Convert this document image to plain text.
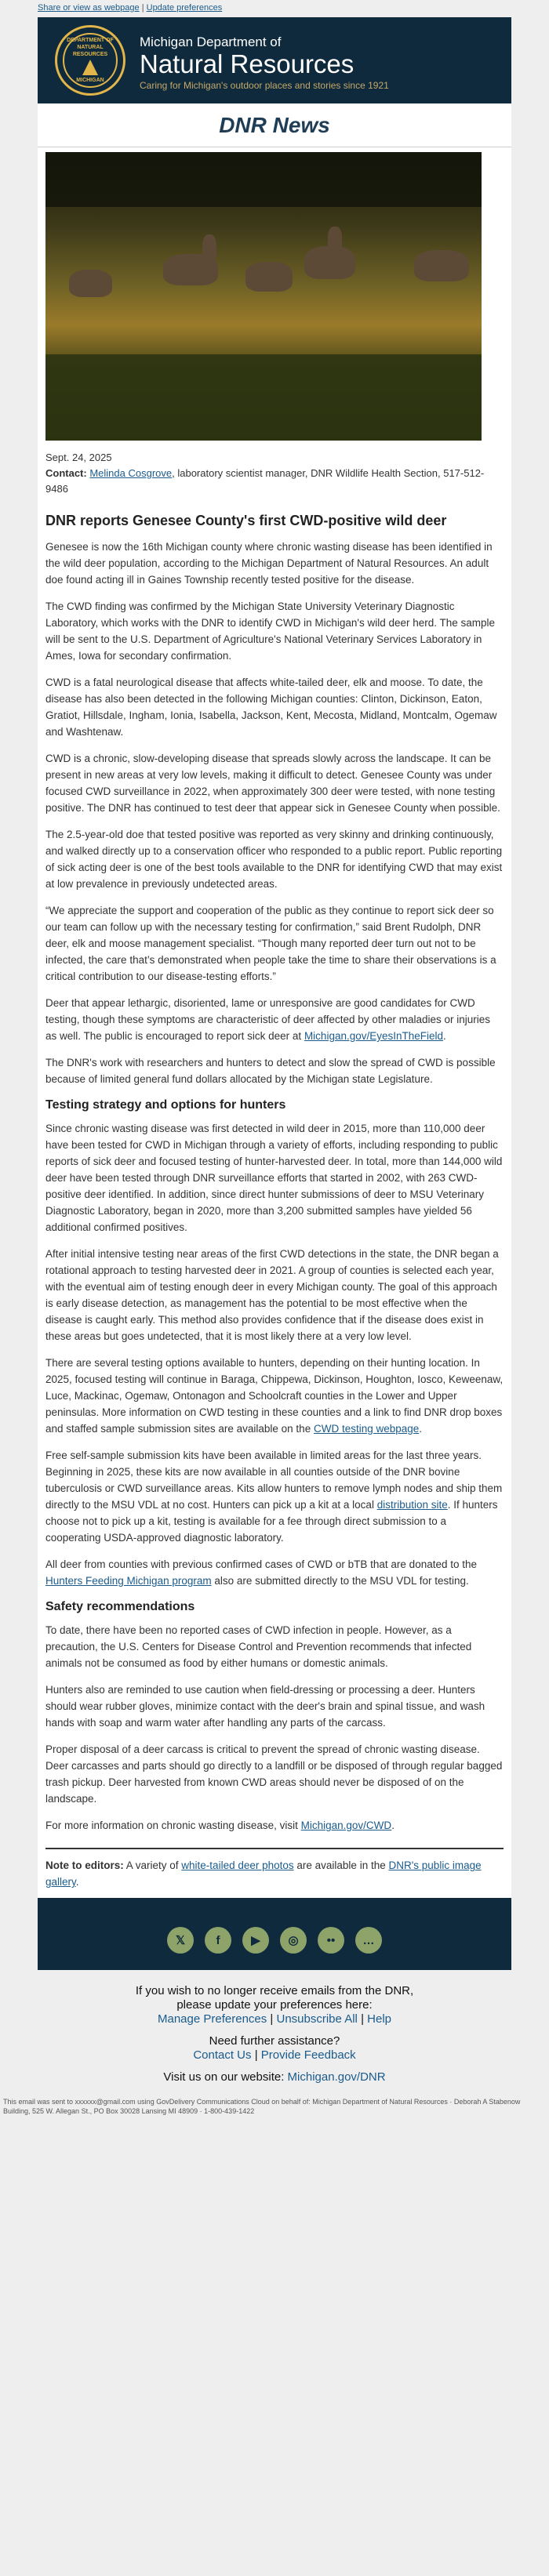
Share or view as webpage | Update preferences
DEPARTMENT OF NATURAL RESOURCES
MICHIGAN
Michigan Department of
Natural Resources
Caring for Michigan's outdoor places and stories since 1921
DNR News
Sept. 24, 2025
Contact: Melinda Cosgrove, laboratory scientist manager, DNR Wildlife Health Section, 517-512-9486
DNR reports Genesee County's first CWD-positive wild deer

Genesee is now the 16th Michigan county where chronic wasting disease has been identified in the wild deer population, according to the Michigan Department of Natural Resources. An adult doe found acting ill in Gaines Township recently tested positive for the disease.

The CWD finding was confirmed by the Michigan State University Veterinary Diagnostic Laboratory, which works with the DNR to identify CWD in Michigan's wild deer herd. The sample will be sent to the U.S. Department of Agriculture's National Veterinary Services Laboratory in Ames, Iowa for secondary confirmation.

CWD is a fatal neurological disease that affects white-tailed deer, elk and moose. To date, the disease has also been detected in the following Michigan counties: Clinton, Dickinson, Eaton, Gratiot, Hillsdale, Ingham, Ionia, Isabella, Jackson, Kent, Mecosta, Midland, Montcalm, Ogemaw and Washtenaw.

CWD is a chronic, slow-developing disease that spreads slowly across the landscape. It can be present in new areas at very low levels, making it difficult to detect. Genesee County was under focused CWD surveillance in 2022, when approximately 300 deer were tested, with none testing positive. The DNR has continued to test deer that appear sick in Genesee County when possible.

The 2.5-year-old doe that tested positive was reported as very skinny and drinking continuously, and walked directly up to a conservation officer who responded to a public report. Public reporting of sick acting deer is one of the best tools available to the DNR for identifying CWD that may exist at low prevalence in previously undetected areas.

“We appreciate the support and cooperation of the public as they continue to report sick deer so our team can follow up with the necessary testing for confirmation,” said Brent Rudolph, DNR deer, elk and moose management specialist. “Though many reported deer turn out not to be infected, the care that’s demonstrated when people take the time to share their observations is a critical contribution to our disease-testing efforts.”

Deer that appear lethargic, disoriented, lame or unresponsive are good candidates for CWD testing, though these symptoms are characteristic of deer affected by other maladies or injuries as well. The public is encouraged to report sick deer at Michigan.gov/EyesInTheField.

The DNR's work with researchers and hunters to detect and slow the spread of CWD is possible because of limited general fund dollars allocated by the Michigan state Legislature.

Testing strategy and options for hunters

Since chronic wasting disease was first detected in wild deer in 2015, more than 110,000 deer have been tested for CWD in Michigan through a variety of efforts, including responding to public reports of sick deer and focused testing of hunter-harvested deer. In total, more than 144,000 wild deer have been tested through DNR surveillance efforts that started in 2002, with 263 CWD-positive deer identified. In addition, since direct hunter submissions of deer to MSU Veterinary Diagnostic Laboratory, began in 2020, more than 3,200 submitted samples have yielded 56 additional confirmed positives.

After initial intensive testing near areas of the first CWD detections in the state, the DNR began a rotational approach to testing harvested deer in 2021. A group of counties is selected each year, with the eventual aim of testing enough deer in every Michigan county. The goal of this approach is early disease detection, as management has the potential to be most effective when the disease is caught early. This method also provides confidence that if the disease does exist in these areas but goes undetected, that it is most likely there at a very low level.

There are several testing options available to hunters, depending on their hunting location. In 2025, focused testing will continue in Baraga, Chippewa, Dickinson, Houghton, Iosco, Keweenaw, Luce, Mackinac, Ogemaw, Ontonagon and Schoolcraft counties in the Lower and Upper peninsulas. More information on CWD testing in these counties and a link to find DNR drop boxes and staffed sample submission sites are available on the CWD testing webpage.

Free self-sample submission kits have been available in limited areas for the last three years. Beginning in 2025, these kits are now available in all counties outside of the DNR bovine tuberculosis or CWD surveillance areas. Kits allow hunters to remove lymph nodes and ship them directly to the MSU VDL at no cost. Hunters can pick up a kit at a local distribution site. If hunters choose not to pick up a kit, testing is available for a fee through direct submission to a cooperating USDA-approved diagnostic laboratory.

All deer from counties with previous confirmed cases of CWD or bTB that are donated to the Hunters Feeding Michigan program also are submitted directly to the MSU VDL for testing.

Safety recommendations

To date, there have been no reported cases of CWD infection in people. However, as a precaution, the U.S. Centers for Disease Control and Prevention recommends that infected animals not be consumed as food by either humans or domestic animals.

Hunters also are reminded to use caution when field-dressing or processing a deer. Hunters should wear rubber gloves, minimize contact with the deer's brain and spinal tissue, and wash hands with soap and warm water after handling any parts of the carcass.

Proper disposal of a deer carcass is critical to prevent the spread of chronic wasting disease. Deer carcasses and parts should go directly to a landfill or be disposed of through regular bagged trash pickup. Deer harvested from known CWD areas should never be disposed of on the landscape.

For more information on chronic wasting disease, visit Michigan.gov/CWD.

Note to editors: A variety of white-tailed deer photos are available in the DNR's public image gallery.
𝕏	f	▶	◎	••	…
If you wish to no longer receive emails from the DNR,
please update your preferences here:
Manage Preferences | Unsubscribe All | Help
Need further assistance?
Contact Us | Provide Feedback
Visit us on our website: Michigan.gov/DNR
This email was sent to xxxxxx@gmail.com using GovDelivery Communications Cloud on behalf of: Michigan Department of Natural Resources · Deborah A Stabenow Building, 525 W. Allegan St., PO Box 30028 Lansing MI 48909 · 1-800-439-1422
